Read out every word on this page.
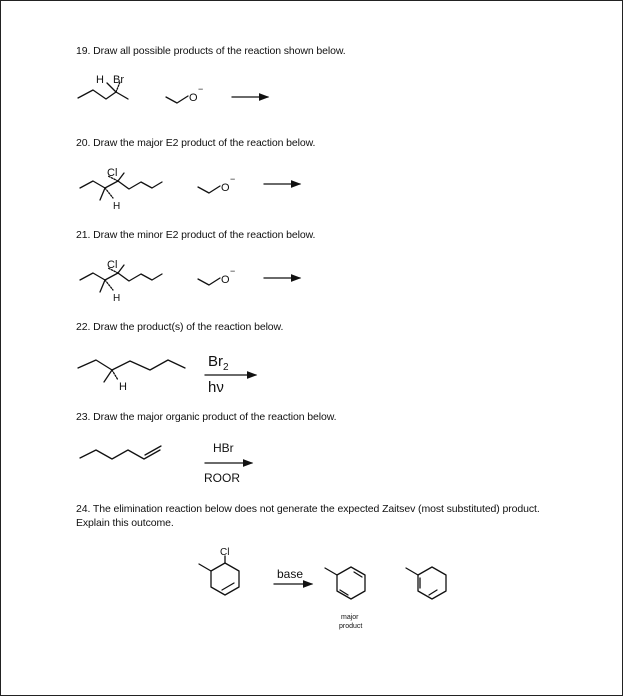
19. Draw all possible products of the reaction shown below.
20. Draw the major E2 product of the reaction below.
21. Draw the minor E2 product of the reaction below.
22. Draw the product(s) of the reaction below.
23. Draw the major organic product of the reaction below.
24. The elimination reaction below does not generate the expected Zaitsev (most substituted) product.
Explain this outcome.
H Br
O
−
Cl
H
O
−
Cl
H
O
−
H
$Br_2$
hν
HBr
ROOR
Cl
base
major
product
